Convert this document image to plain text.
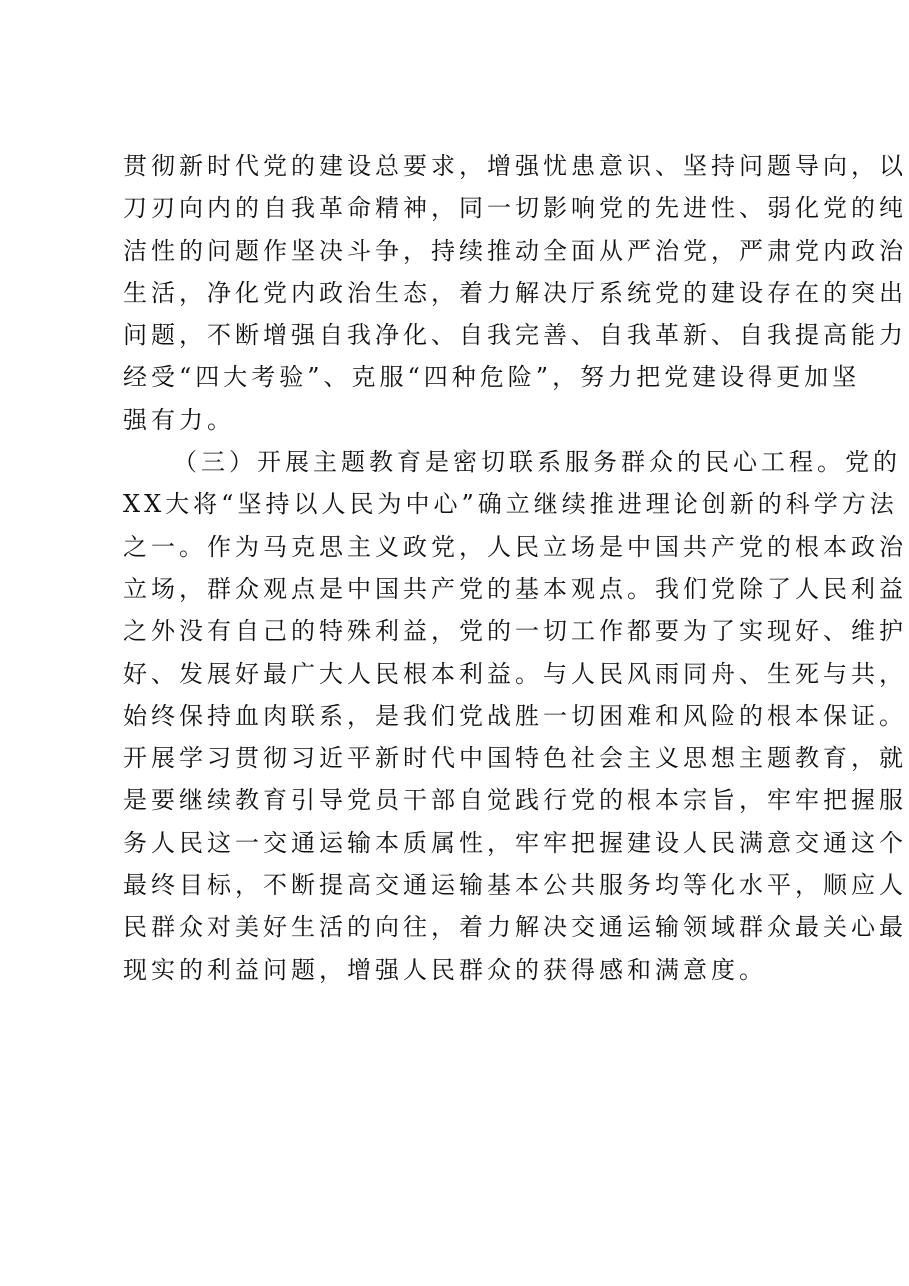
贯彻新时代党的建设总要求，增强忧患意识、坚持问题导向，以
刀刃向内的自我革命精神，同一切影响党的先进性、弱化党的纯
洁性的问题作坚决斗争，持续推动全面从严治党，严肃党内政治
生活，净化党内政治生态，着力解决厅系统党的建设存在的突出
问题，不断增强自我净化、自我完善、自我革新、自我提高能力
经受“四大考验”、克服“四种危险”，努力把党建设得更加坚
强有力。
（三）开展主题教育是密切联系服务群众的民心工程。党的
XX大将“坚持以人民为中心”确立继续推进理论创新的科学方法
之一。作为马克思主义政党，人民立场是中国共产党的根本政治
立场，群众观点是中国共产党的基本观点。我们党除了人民利益
之外没有自己的特殊利益，党的一切工作都要为了实现好、维护
好、发展好最广大人民根本利益。与人民风雨同舟、生死与共，
始终保持血肉联系，是我们党战胜一切困难和风险的根本保证。
开展学习贯彻习近平新时代中国特色社会主义思想主题教育，就
是要继续教育引导党员干部自觉践行党的根本宗旨，牢牢把握服
务人民这一交通运输本质属性，牢牢把握建设人民满意交通这个
最终目标，不断提高交通运输基本公共服务均等化水平，顺应人
民群众对美好生活的向往，着力解决交通运输领域群众最关心最
现实的利益问题，增强人民群众的获得感和满意度。
